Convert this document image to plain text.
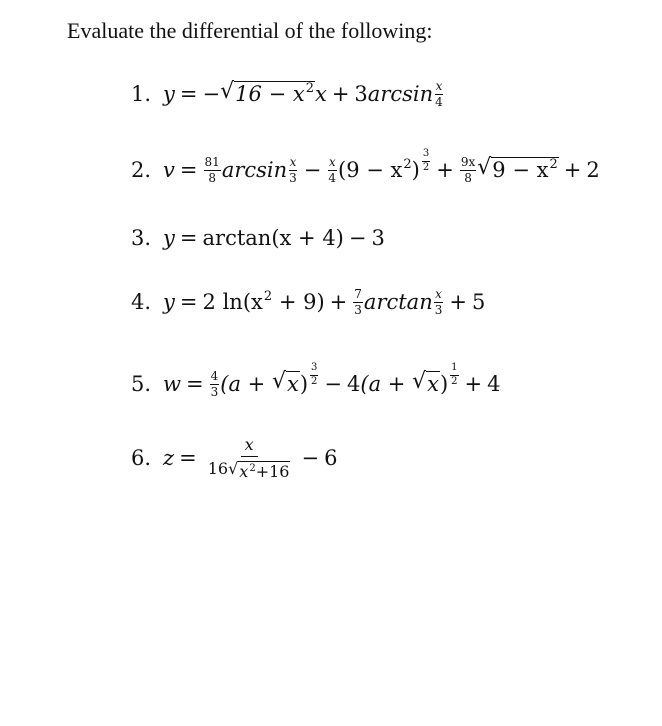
Evaluate the differential of the following:
1. y = − √ $16 - x^2$ x + 3 $\arcsin \frac{x}{4}$
2. $v = \frac{81}{8}$ $\arcsin \frac{x}{3} - \frac{x}{4} (9 - x^2) \frac{3}{2} + \frac{9x}{8}$ √ $9 - x^2 + 2$
3. y = arctan (x + 4) − 3
4. y = 2
$\ln (x^2 + 9) + \frac{7}{3}$ $\arctan \frac{x}{3} + 5$
5. $w = \frac{4}{3} (a$ +
√ x ) $\frac{3}{2} - 4$ (a +
√ x ) $\frac{1}{2} + 4$
6. $z = \frac{x}{16 √ x^2+16} - 6$
